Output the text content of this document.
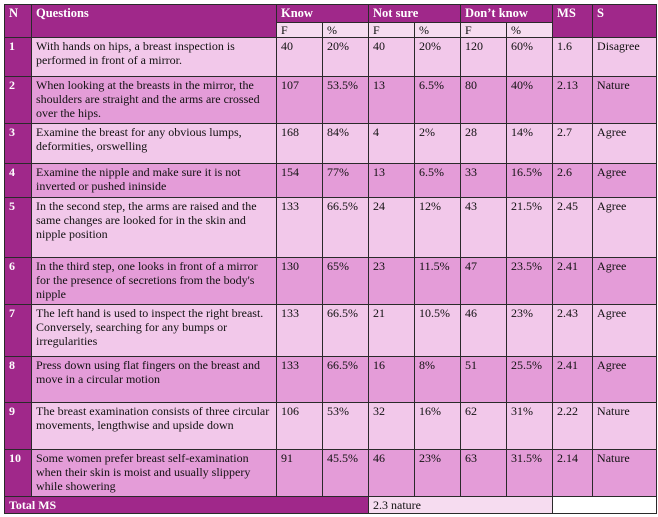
N	Questions	Know		Not sure		Don’t know		MS	S
		F	%	F	%	F	%		
1	With hands on hips, a breast inspection is performed in front of a mirror.	40	20%	40	20%	120	60%	1.6	Disagree
2	When looking at the breasts in the mirror, the shoulders are straight and the arms are crossed over the hips.	107	53.5%	13	6.5%	80	40%	2.13	Nature
3	Examine the breast for any obvious lumps, deformities, orswelling	168	84%	4	2%	28	14%	2.7	Agree
4	Examine the nipple and make sure it is not inverted or pushed ininside	154	77%	13	6.5%	33	16.5%	2.6	Agree
5	In the second step, the arms are raised and the same changes are looked for in the skin and nipple position	133	66.5%	24	12%	43	21.5%	2.45	Agree
6	In the third step, one looks in front of a mirror for the presence of secretions from the body's nipple	130	65%	23	11.5%	47	23.5%	2.41	Agree
7	The left hand is used to inspect the right breast. Conversely, searching for any bumps or irregularities	133	66.5%	21	10.5%	46	23%	2.43	Agree
8	Press down using flat fingers on the breast and move in a circular motion	133	66.5%	16	8%	51	25.5%	2.41	Agree
9	The breast examination consists of three circular movements, lengthwise and upside down	106	53%	32	16%	62	31%	2.22	Nature
10	Some women prefer breast self-examination when their skin is moist and usually slippery while showering	91	45.5%	46	23%	63	31.5%	2.14	Nature
Total MS				2.3 nature					
